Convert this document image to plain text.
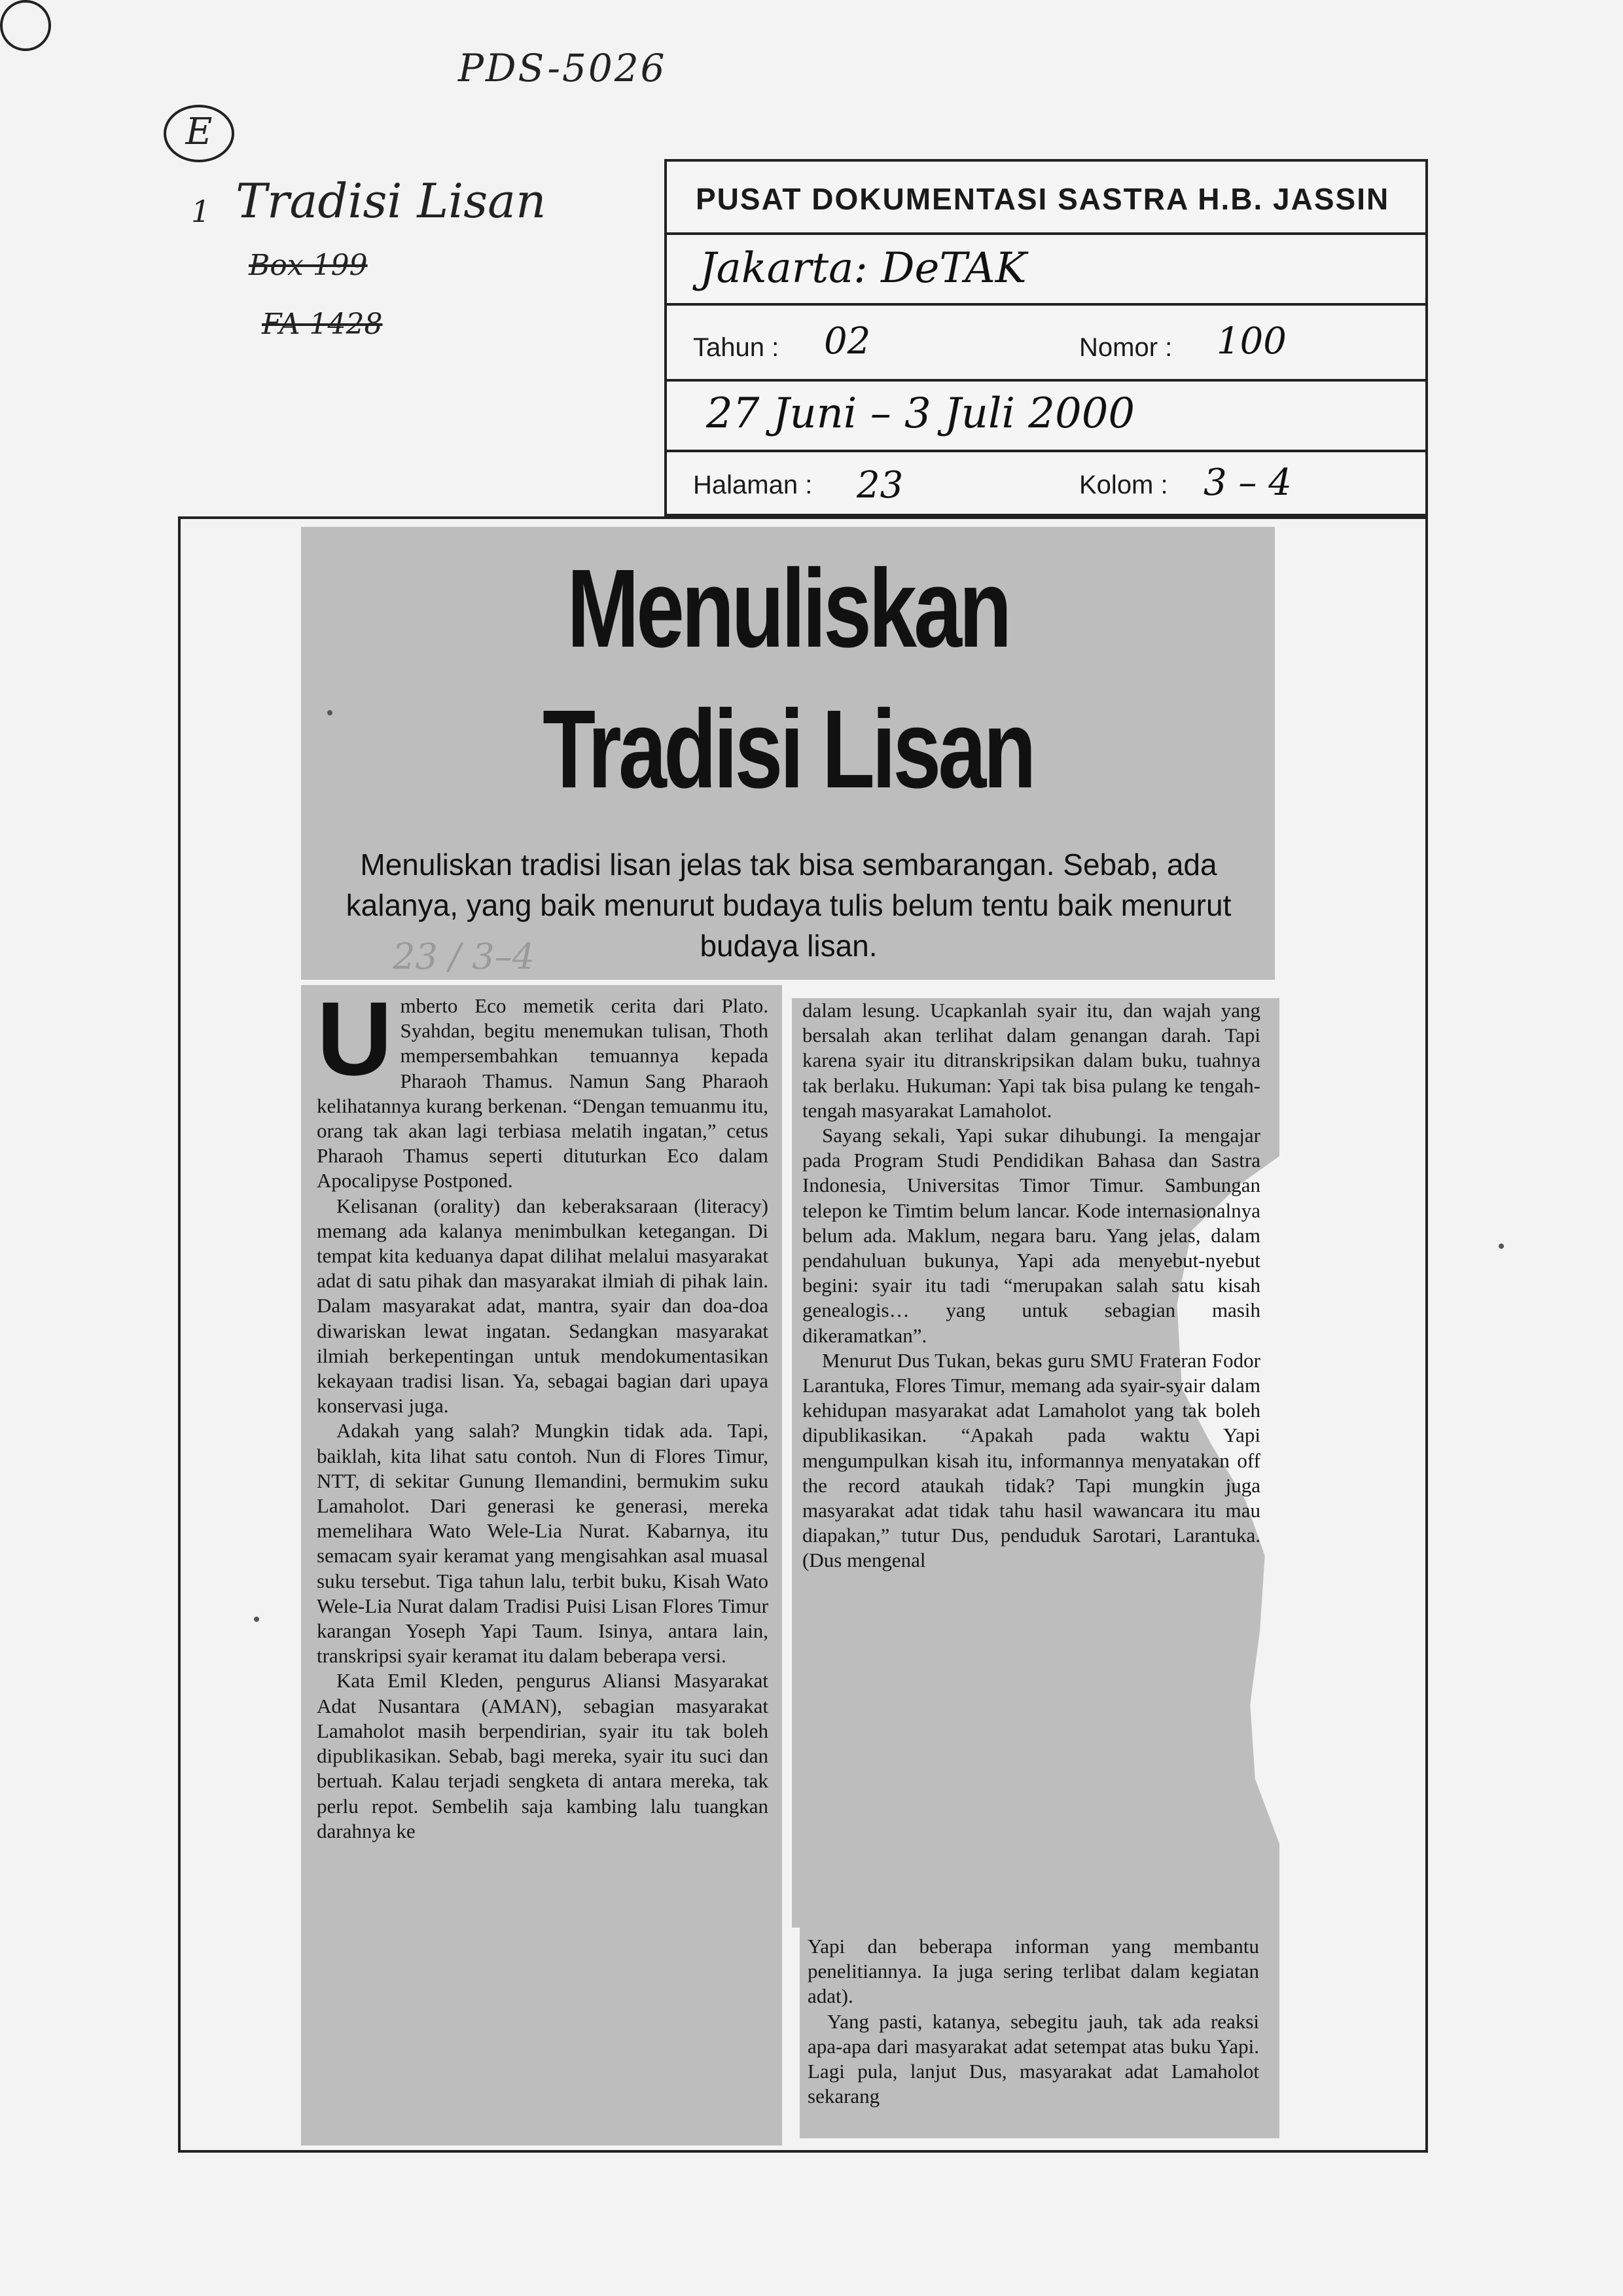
PDS-5026
E
1 Tradisi Lisan
Box 199
FA 1428
PUSAT DOKUMENTASI SASTRA H.B. JASSIN
Jakarta: DeTAK
Tahun : 02	Nomor : 100
27 Juni – 3 Juli 2000
Halaman : 23	Kolom : 3 – 4
Menuliskan
Tradisi Lisan
Menuliskan tradisi lisan jelas tak bisa sembarangan. Sebab, ada kalanya, yang baik menurut budaya tulis belum tentu baik menurut budaya lisan.
23 / 3–4

Umberto Eco memetik cerita dari Plato. Syahdan, begitu menemukan tulisan, Thoth mempersembahkan temuannya kepada Pharaoh Thamus. Namun Sang Pharaoh kelihatannya kurang berkenan. “Dengan temuanmu itu, orang tak akan lagi terbiasa melatih ingatan,” cetus Pharaoh Thamus seperti dituturkan Eco dalam Apocalipyse Postponed.

Kelisanan (orality) dan keberaksaraan (literacy) memang ada kalanya menimbulkan ketegangan. Di tempat kita keduanya dapat dilihat melalui masyarakat adat di satu pihak dan masyarakat ilmiah di pihak lain. Dalam masyarakat adat, mantra, syair dan doa-doa diwariskan lewat ingatan. Sedangkan masyarakat ilmiah berkepentingan untuk mendokumentasikan kekayaan tradisi lisan. Ya, sebagai bagian dari upaya konservasi juga.

Adakah yang salah? Mungkin tidak ada. Tapi, baiklah, kita lihat satu contoh. Nun di Flores Timur, NTT, di sekitar Gunung Ilemandini, bermukim suku Lamaholot. Dari generasi ke generasi, mereka memelihara Wato Wele-Lia Nurat. Kabarnya, itu semacam syair keramat yang mengisahkan asal muasal suku tersebut. Tiga tahun lalu, terbit buku, Kisah Wato Wele-Lia Nurat dalam Tradisi Puisi Lisan Flores Timur karangan Yoseph Yapi Taum. Isinya, antara lain, transkripsi syair keramat itu dalam beberapa versi.

Kata Emil Kleden, pengurus Aliansi Masyarakat Adat Nusantara (AMAN), sebagian masyarakat Lamaholot masih berpendirian, syair itu tak boleh dipublikasikan. Sebab, bagi mereka, syair itu suci dan bertuah. Kalau terjadi sengketa di antara mereka, tak perlu repot. Sembelih saja kambing lalu tuangkan darahnya ke

dalam lesung. Ucapkanlah syair itu, dan wajah yang bersalah akan terlihat dalam genangan darah. Tapi karena syair itu ditranskripsikan dalam buku, tuahnya tak berlaku. Hukuman: Yapi tak bisa pulang ke tengah-tengah masyarakat Lamaholot.

Sayang sekali, Yapi sukar dihubungi. Ia mengajar pada Program Studi Pendidikan Bahasa dan Sastra Indonesia, Universitas Timor Timur. Sambungan telepon ke Timtim belum lancar. Kode internasionalnya belum ada. Maklum, negara baru. Yang jelas, dalam pendahuluan bukunya, Yapi ada menyebut-nyebut begini: syair itu tadi “merupakan salah satu kisah genealogis… yang untuk sebagian masih dikeramatkan”.

Menurut Dus Tukan, bekas guru SMU Frateran Fodor Larantuka, Flores Timur, memang ada syair-syair dalam kehidupan masyarakat adat Lamaholot yang tak boleh dipublikasikan. “Apakah pada waktu Yapi mengumpulkan kisah itu, informannya menyatakan off the record ataukah tidak? Tapi mungkin juga masyarakat adat tidak tahu hasil wawancara itu mau diapakan,” tutur Dus, penduduk Sarotari, Larantuka. (Dus mengenal

Yapi dan beberapa informan yang membantu penelitiannya. Ia juga sering terlibat dalam kegiatan adat).

Yang pasti, katanya, sebegitu jauh, tak ada reaksi apa-apa dari masyarakat adat setempat atas buku Yapi. Lagi pula, lanjut Dus, masyarakat adat Lamaholot sekarang
